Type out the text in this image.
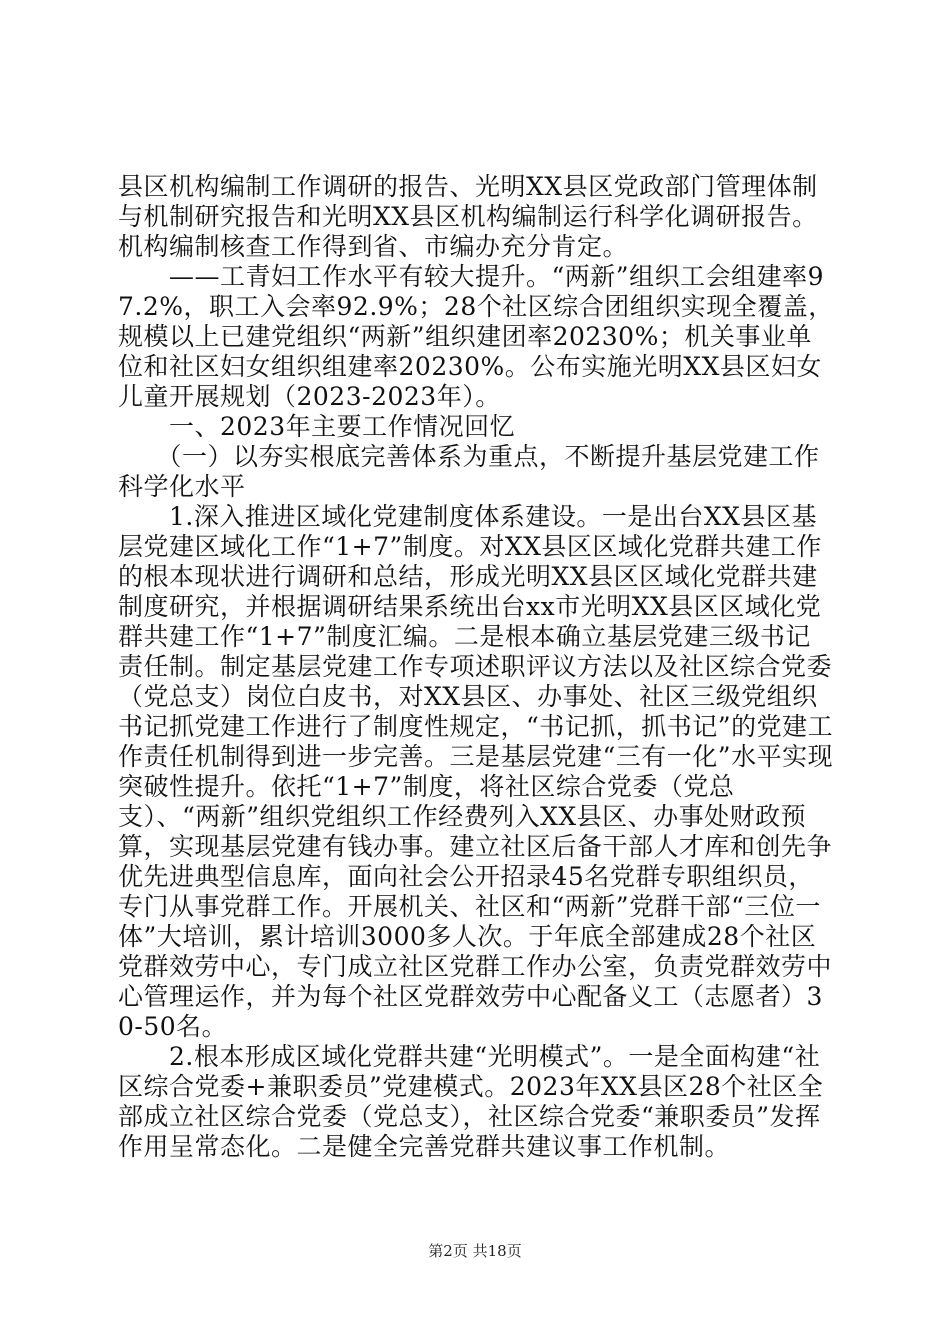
县区机构编制工作调研的报告、光明XX县区党政部门管理体制与机制研究报告和光明XX县区机构编制运行科学化调研报告。机构编制核查工作得到省、市编办充分肯定。

　　——工青妇工作水平有较大提升。“两新”组织工会组建率97.2%，职工入会率92.9%；28个社区综合团组织实现全覆盖，规模以上已建党组织“两新”组织建团率20230%；机关事业单位和社区妇女组织组建率20230%。公布实施光明XX县区妇女儿童开展规划（2023-2023年）。

　　一、2023年主要工作情况回忆

　　（一）以夯实根底完善体系为重点，不断提升基层党建工作科学化水平

　　1.深入推进区域化党建制度体系建设。一是出台XX县区基层党建区域化工作“1+7”制度。对XX县区区域化党群共建工作的根本现状进行调研和总结，形成光明XX县区区域化党群共建制度研究，并根据调研结果系统出台xx市光明XX县区区域化党群共建工作“1+7”制度汇编。二是根本确立基层党建三级书记责任制。制定基层党建工作专项述职评议方法以及社区综合党委（党总支）岗位白皮书，对XX县区、办事处、社区三级党组织书记抓党建工作进行了制度性规定，“书记抓，抓书记”的党建工作责任机制得到进一步完善。三是基层党建“三有一化”水平实现突破性提升。依托“1+7”制度，将社区综合党委（党总支）、“两新”组织党组织工作经费列入XX县区、办事处财政预算，实现基层党建有钱办事。建立社区后备干部人才库和创先争优先进典型信息库，面向社会公开招录45名党群专职组织员，专门从事党群工作。开展机关、社区和“两新”党群干部“三位一体”大培训，累计培训3000多人次。于年底全部建成28个社区党群效劳中心，专门成立社区党群工作办公室，负责党群效劳中心管理运作，并为每个社区党群效劳中心配备义工（志愿者）30-50名。

　　2.根本形成区域化党群共建“光明模式”。一是全面构建“社区综合党委+兼职委员”党建模式。2023年XX县区28个社区全部成立社区综合党委（党总支），社区综合党委“兼职委员”发挥作用呈常态化。二是健全完善党群共建议事工作机制。

第2页 共18页
